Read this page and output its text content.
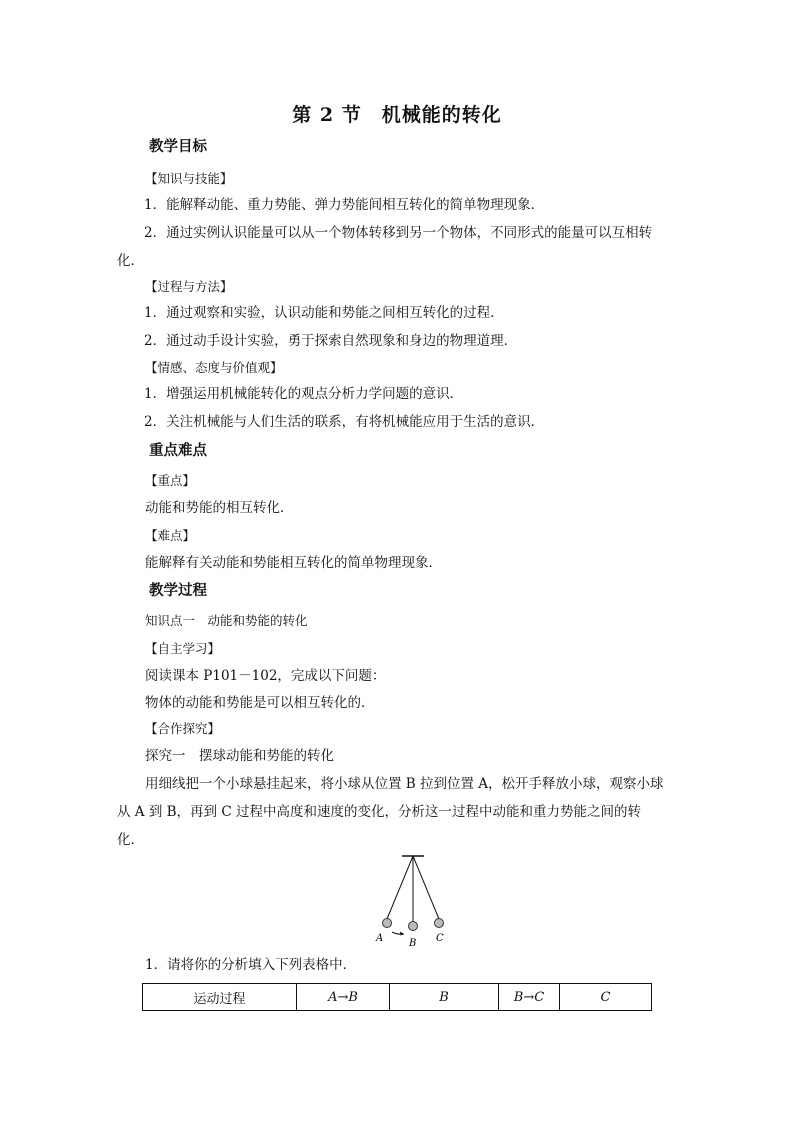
第 2 节　机械能的转化
教学目标
【知识与技能】
1．能解释动能、重力势能、弹力势能间相互转化的简单物理现象．
2．通过实例认识能量可以从一个物体转移到另一个物体，不同形式的能量可以互相转
化．
【过程与方法】
1．通过观察和实验，认识动能和势能之间相互转化的过程．
2．通过动手设计实验，勇于探索自然现象和身边的物理道理．
【情感、态度与价值观】
1．增强运用机械能转化的观点分析力学问题的意识．
2．关注机械能与人们生活的联系，有将机械能应用于生活的意识．
重点难点
【重点】
动能和势能的相互转化．
【难点】
能解释有关动能和势能相互转化的简单物理现象．
教学过程
知识点一　动能和势能的转化
【自主学习】
阅读课本 P101－102，完成以下问题：
物体的动能和势能是可以相互转化的．
【合作探究】
探究一　摆球动能和势能的转化
用细线把一个小球悬挂起来，将小球从位置 B 拉到位置 A，松开手释放小球，观察小球
从 A 到 B，再到 C 过程中高度和速度的变化，分析这一过程中动能和重力势能之间的转
化．
A	B C
1．请将你的分析填入下列表格中．
运动过程	A→B	B	B→C	C
